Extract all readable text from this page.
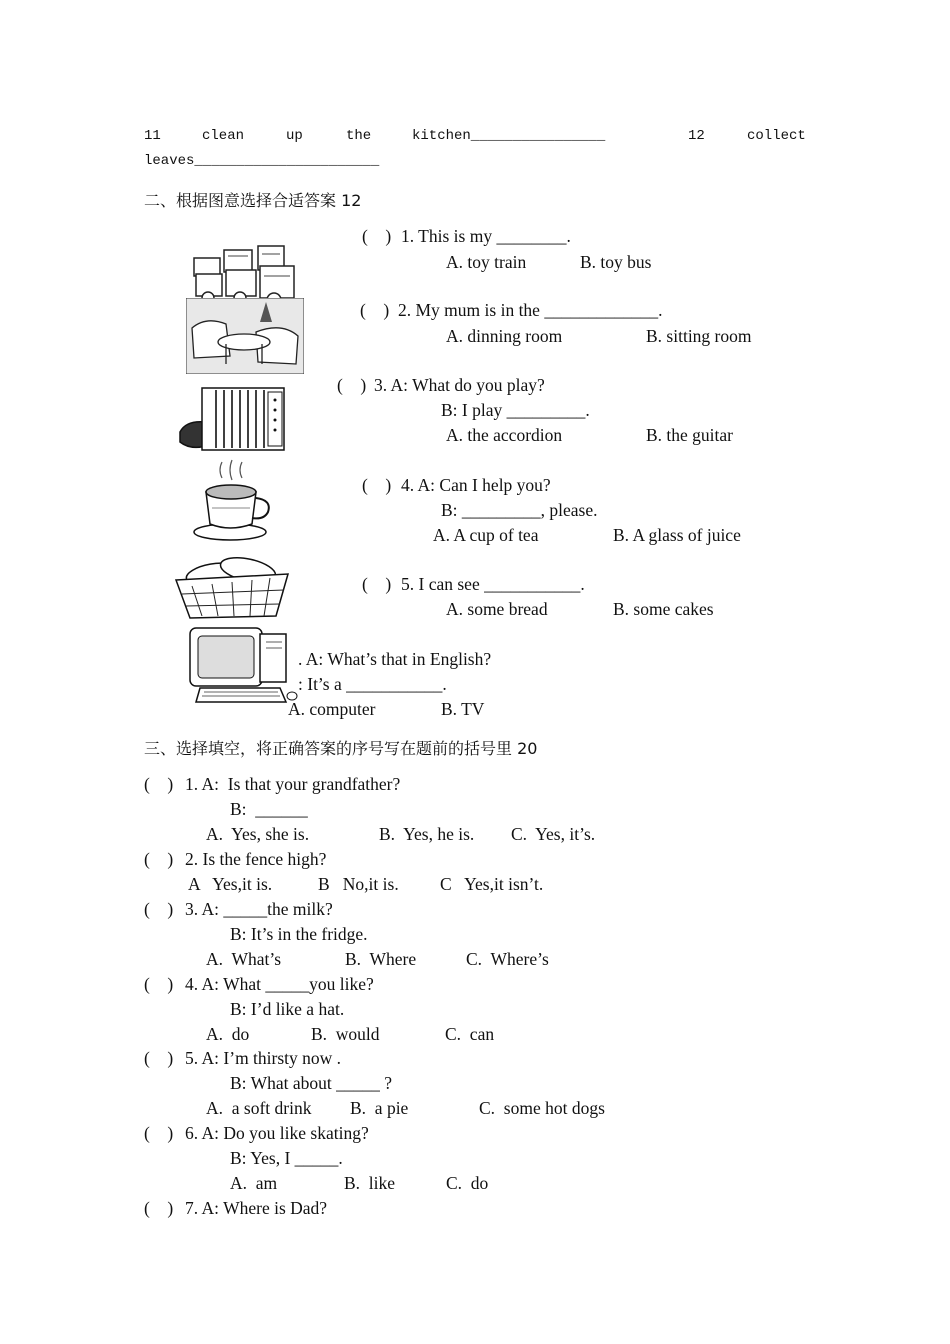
11	clean	up	the	kitchen________________	12	collect
leaves______________________
二、根据图意选择合适答案 12
(    ) 1. This is my ________.
A. toy train	B. toy bus
(    ) 2. My mum is in the _____________.
A. dinning room	B. sitting room
(    ) 3. A: What do you play?
B: I play _________.
A. the accordion	B. the guitar
(    ) 4. A: Can I help you?
B: _________, please.
A. A cup of tea	B. A glass of juice
(    ) 5. I can see ___________.
A. some bread	B. some cakes
. A: What’s that in English?
: It’s a ___________.
A. computer	B. TV
三、选择填空，将正确答案的序号写在题前的括号里 20
(    ) 1. A:  Is that your grandfather?
B:  ______
A.  Yes, she is.	B.  Yes, he is. C.  Yes, it’s.
(    ) 2. Is the fence high?
A   Yes,it is.	B   No,it is. C   Yes,it isn’t.
(    ) 3. A: _____the milk?
B: It’s in the fridge.
A.  What’s	B.  Where	C.  Where’s
(    ) 4. A: What _____you like?
B: I’d like a hat.
A.  do	B.  would	C.  can
(    ) 5. A: I’m thirsty now .
B: What about _____ ?
A.  a soft drink B.  a pie	C.  some hot dogs
(    ) 6. A: Do you like skating?
B: Yes, I _____.
A.  am	B.  like	C.  do
(    ) 7. A: Where is Dad?
